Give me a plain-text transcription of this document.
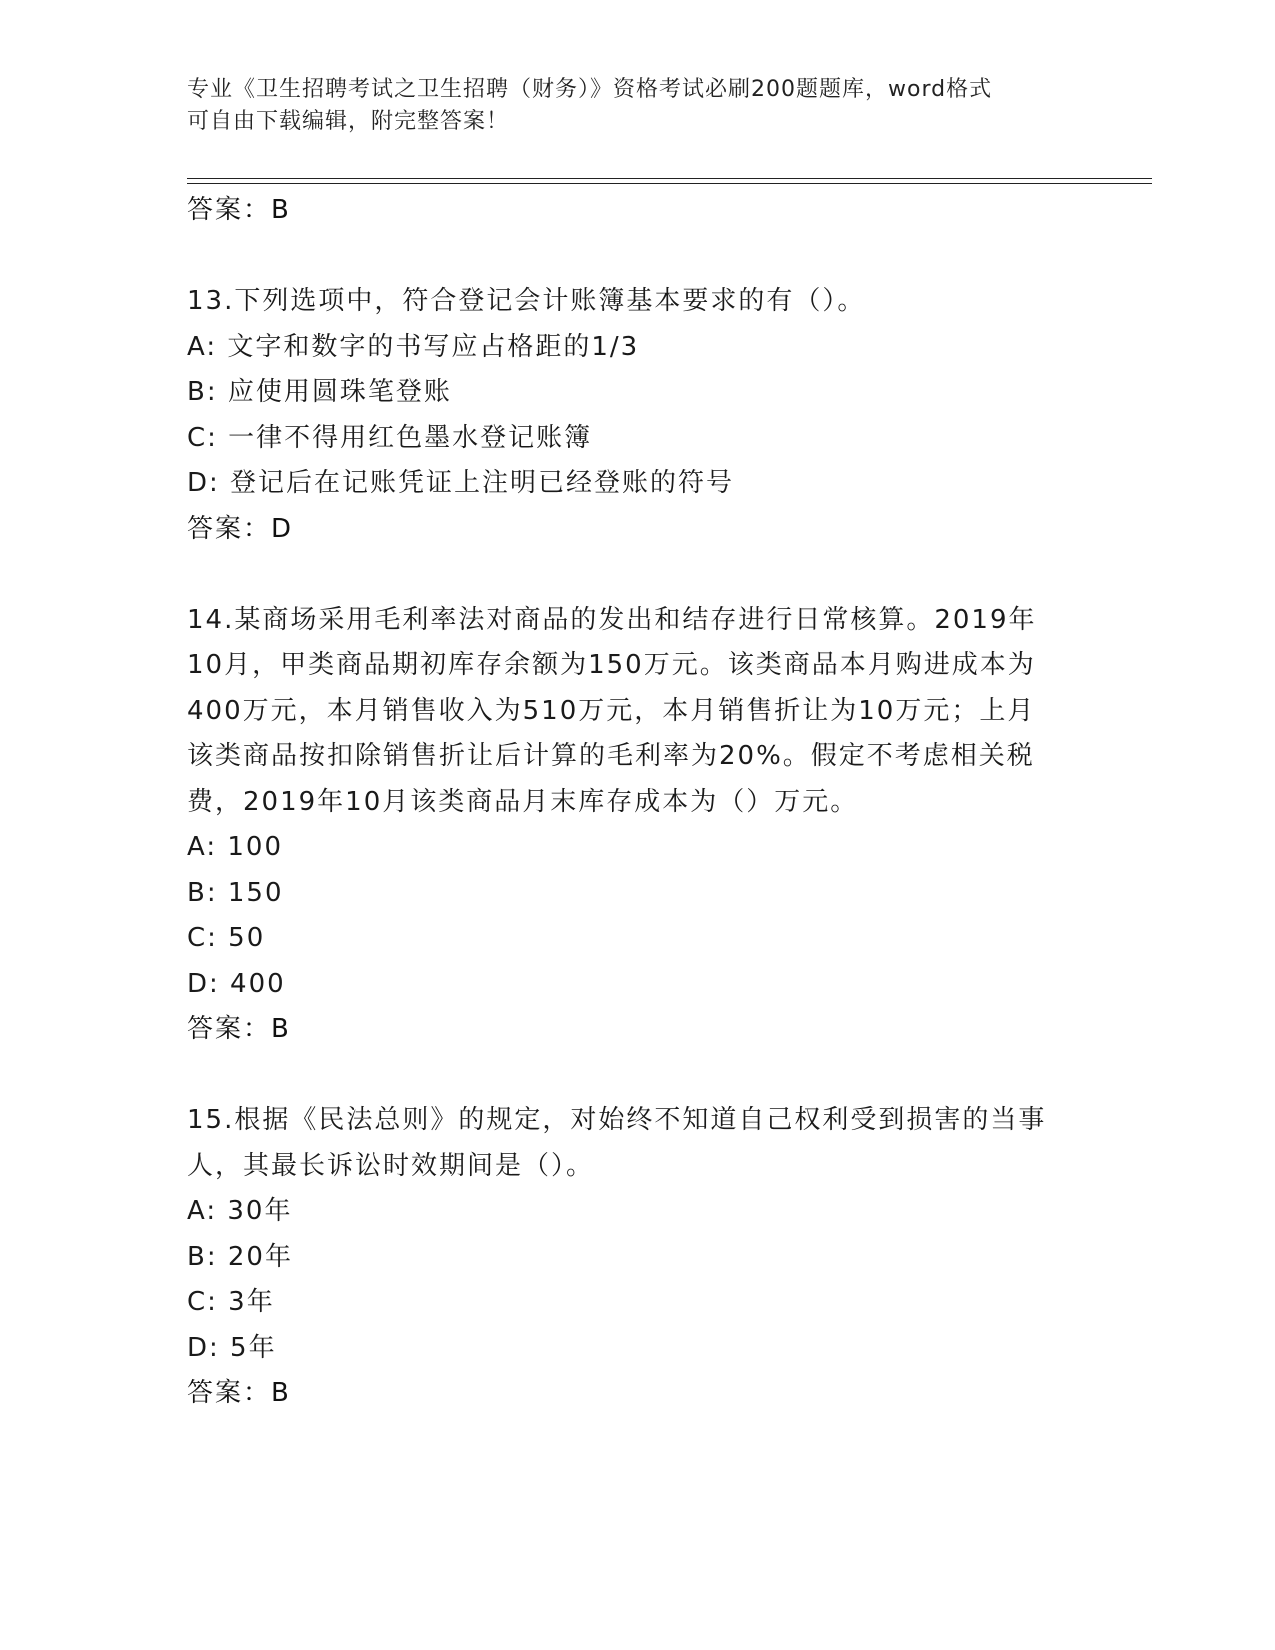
专业《卫生招聘考试之卫生招聘（财务）》资格考试必刷200题题库，word格式
可自由下载编辑，附完整答案！
答案：B
13.下列选项中，符合登记会计账簿基本要求的有（）。
A: 文字和数字的书写应占格距的1/3
B: 应使用圆珠笔登账
C: 一律不得用红色墨水登记账簿
D: 登记后在记账凭证上注明已经登账的符号
答案：D
14.某商场采用毛利率法对商品的发出和结存进行日常核算。2019年
10月，甲类商品期初库存余额为150万元。该类商品本月购进成本为
400万元，本月销售收入为510万元，本月销售折让为10万元；上月
该类商品按扣除销售折让后计算的毛利率为20%。假定不考虑相关税
费，2019年10月该类商品月末库存成本为（）万元。
A: 100
B: 150
C: 50
D: 400
答案：B
15.根据《民法总则》的规定，对始终不知道自己权利受到损害的当事
人，其最长诉讼时效期间是（）。
A: 30年
B: 20年
C: 3年
D: 5年
答案：B
